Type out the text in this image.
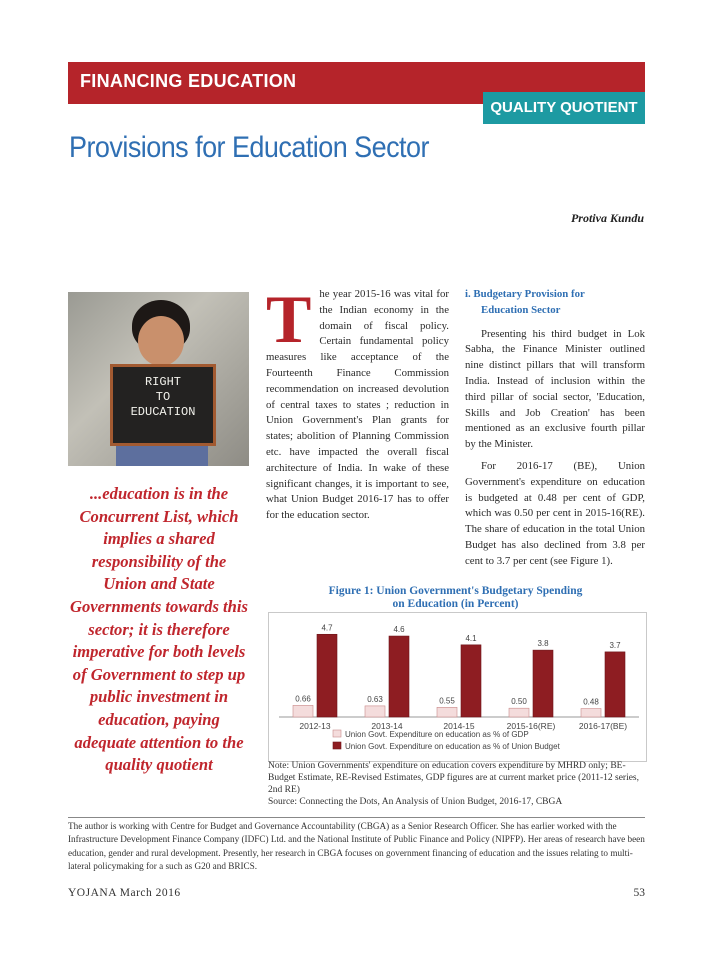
FINANCING EDUCATION
QUALITY QUOTIENT
Provisions for Education Sector
Protiva Kundu
RIGHT
TO
EDUCATION
...education is in the Concurrent List, which implies a shared responsibility of the Union and State Governments towards this sector; it is therefore imperative for both levels of Government to step up public investment in education, paying adequate attention to the quality quotient
The year 2015-16 was vital for the Indian economy in the domain of fiscal policy. Certain fundamental policy measures like acceptance of the Fourteenth Finance Commission recommendation on increased devolution of central taxes to states ; reduction in Union Government's Plan grants for states; abolition of Planning Commission etc. have impacted the overall fiscal architecture of India. In wake of these significant changes, it is important to see, what Union Budget 2016-17 has to offer for the education sector.

i. Budgetary Provision for
Education Sector

Presenting his third budget in Lok Sabha, the Finance Minister outlined nine distinct pillars that will transform India. Instead of inclusion within the third pillar of social sector, 'Education, Skills and Job Creation' has been mentioned as an exclusive fourth pillar by the Minister.

For 2016-17 (BE), Union Government's expenditure on education is budgeted at 0.48 per cent of GDP, which was 0.50 per cent in 2015-16(RE). The share of education in the total Union Budget has also declined from 3.8 per cent to 3.7 per cent (see Figure 1).

Figure 1: Union Government's Budgetary Spending
on Education (in Percent)
0.66
4.7
2012-13
0.63
4.6
2013-14
0.55
4.1
2014-15
0.50
3.8
2015-16(RE)
0.48
3.7
2016-17(BE)
Union Govt. Expenditure on education as % of GDP
Union Govt. Expenditure on education as % of Union Budget
Note: Union Governments' expenditure on education covers expenditure by MHRD only; BE-Budget Estimate, RE-Revised Estimates, GDP figures are at current market price (2011-12 series, 2nd RE)
Source: Connecting the Dots, An Analysis of Union Budget, 2016-17, CBGA
The author is working with Centre for Budget and Governance Accountability (CBGA) as a Senior Research Officer. She has earlier worked with the Infrastructure Development Finance Company (IDFC) Ltd. and the National Institute of Public Finance and Policy (NIPFP). Her areas of research have been education, gender and rural development. Presently, her research in CBGA focuses on government financing of education and the issues relating to multi-lateral policymaking for a such as G20 and BRICS.
YOJANA March 2016	53
